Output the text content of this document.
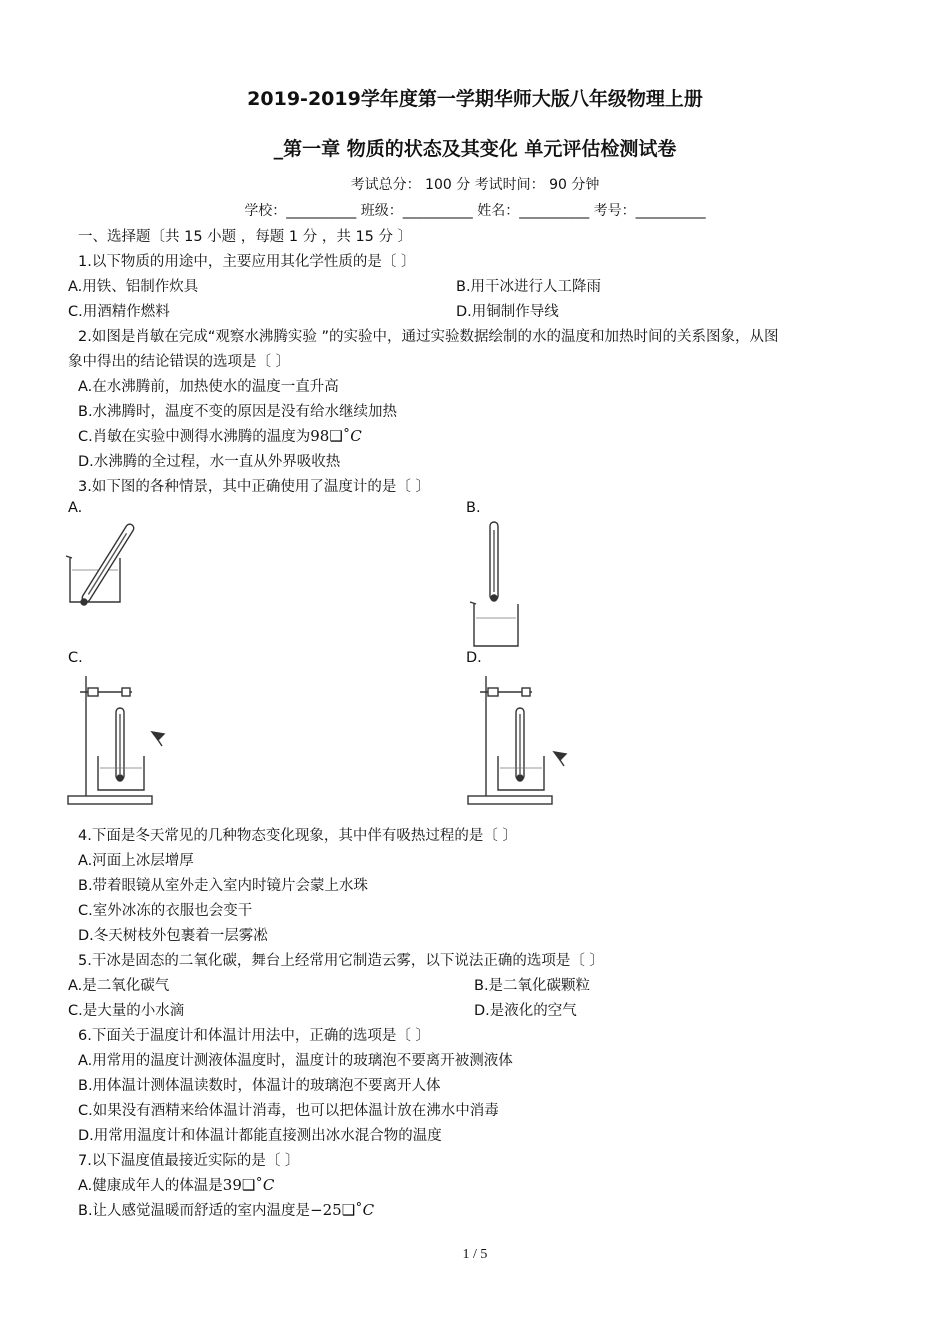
2019-2019学年度第一学期华师大版八年级物理上册
_第一章 物质的状态及其变化 单元评估检测试卷
考试总分： 100 分 考试时间： 90 分钟
学校：__________ 班级：__________ 姓名：__________ 考号：__________
一、选择题〔共 15 小题 ，每题 1 分 ，共 15 分 〕
1.以下物质的用途中，主要应用其化学性质的是〔 〕
A.用铁、铝制作炊具	B.用干冰进行人工降雨
C.用酒精作燃料	D.用铜制作导线
2.如图是肖敏在完成“观察水沸腾实验 ”的实验中，通过实验数据绘制的水的温度和加热时间的关系图象，从图
象中得出的结论错误的选项是〔 〕
A.在水沸腾前，加热使水的温度一直升高
B.水沸腾时，温度不变的原因是没有给水继续加热
C.肖敏在实验中测得水沸腾的温度为98❑˚C
D.水沸腾的全过程，水一直从外界吸收热
3.如下图的各种情景，其中正确使用了温度计的是〔 〕
A.	B.
C.	D.
4.下面是冬天常见的几种物态变化现象，其中伴有吸热过程的是〔 〕
A.河面上冰层增厚
B.带着眼镜从室外走入室内时镜片会蒙上水珠
C.室外冰冻的衣服也会变干
D.冬天树枝外包裹着一层雾凇
5.干冰是固态的二氧化碳，舞台上经常用它制造云雾，以下说法正确的选项是〔 〕
A.是二氧化碳气	B.是二氧化碳颗粒
C.是大量的小水滴	D.是液化的空气
6.下面关于温度计和体温计用法中，正确的选项是〔 〕
A.用常用的温度计测液体温度时，温度计的玻璃泡不要离开被测液体
B.用体温计测体温读数时，体温计的玻璃泡不要离开人体
C.如果没有酒精来给体温计消毒，也可以把体温计放在沸水中消毒
D.用常用温度计和体温计都能直接测出冰水混合物的温度
7.以下温度值最接近实际的是〔 〕
A.健康成年人的体温是39❑˚C
B.让人感觉温暖而舒适的室内温度是−25❑˚C
1 / 5
